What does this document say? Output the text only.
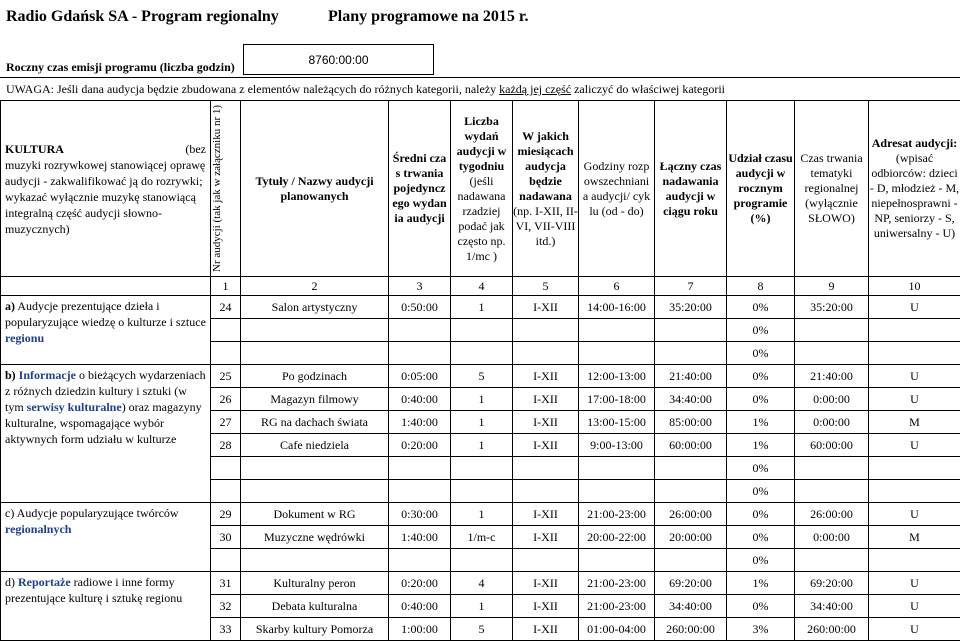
Radio Gdańsk SA - Program regionalny	Plany programowe na 2015 r.
Roczny czas emisji programu (liczba godzin)
8760:00:00
UWAGA: Jeśli dana audycja będzie zbudowana z elementów należących do różnych kategorii, należy każdą jej część zaliczyć do właściwej kategorii
KULTURA (bez
muzyki rozrywkowej stanowiącej oprawę audycji - zakwalifikować ją do rozrywki; wykazać wyłącznie muzykę stanowiącą integralną część audycji słowno-muzycznych)	Nr audycji (tak jak w załączniku nr 1)	Tytuły / Nazwy audycji planowanych	Średni czas trwania pojedynczego wydania audycji	Liczba wydań audycji w tygodniu (jeśli nadawana rzadziej podać jak często np. 1/mc )	W jakich miesiącach audycja będzie nadawana (np. I-XII, II-VI, VII-VIII itd.)	Godziny rozpowszechniania audycji/ cyklu (od - do)	Łączny czas nadawania audycji w ciągu roku	Udział czasu audycji w rocznym programie (%)	Czas trwania tematyki regionalnej (wyłącznie SŁOWO)	Adresat audycji: (wpisać odbiorców: dzieci - D, młodzież - M, niepełnosprawni - NP, seniorzy - S, uniwersalny - U)
	1	2	3	4	5	6	7	8	9	10
a) Audycje prezentujące dzieła i popularyzujące wiedzę o kulturze i sztuce regionu	24	Salon artystyczny	0:50:00	1	I-XII	14:00-16:00	35:20:00	0%	35:20:00	U
								0%		
								0%		
b) Informacje o bieżących wydarzeniach z różnych dziedzin kultury i sztuki (w tym serwisy kulturalne) oraz magazyny kulturalne, wspomagające wybór aktywnych form udziału w kulturze	25	Po godzinach	0:05:00	5	I-XII	12:00-13:00	21:40:00	0%	21:40:00	U
	26	Magazyn filmowy	0:40:00	1	I-XII	17:00-18:00	34:40:00	0%	0:00:00	U
	27	RG na dachach świata	1:40:00	1	I-XII	13:00-15:00	85:00:00	1%	0:00:00	M
	28	Cafe niedziela	0:20:00	1	I-XII	9:00-13:00	60:00:00	1%	60:00:00	U
								0%		
								0%		
c) Audycje popularyzujące twórców regionalnych	29	Dokument w RG	0:30:00	1	I-XII	21:00-23:00	26:00:00	0%	26:00:00	U
	30	Muzyczne wędrówki	1:40:00	1/m-c	I-XII	20:00-22:00	20:00:00	0%	0:00:00	M
								0%		
d) Reportaże radiowe i inne formy prezentujące kulturę i sztukę regionu	31	Kulturalny peron	0:20:00	4	I-XII	21:00-23:00	69:20:00	1%	69:20:00	U
	32	Debata kulturalna	0:40:00	1	I-XII	21:00-23:00	34:40:00	0%	34:40:00	U
	33	Skarby kultury Pomorza	1:00:00	5	I-XII	01:00-04:00	260:00:00	3%	260:00:00	U
